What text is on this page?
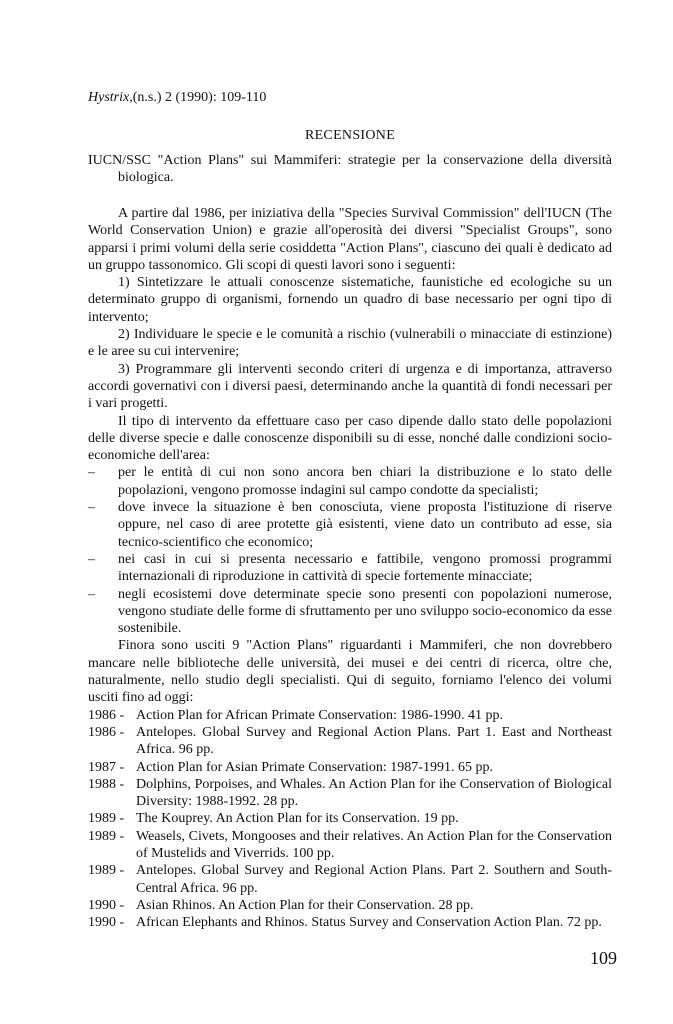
Hystrix,(n.s.) 2 (1990): 109-110
RECENSIONE
IUCN/SSC "Action Plans" sui Mammiferi: strategie per la conservazione della diversità biologica.

A partire dal 1986, per iniziativa della "Species Survival Commission" dell'IUCN (The World Conservation Union) e grazie all'operosità dei diversi "Specialist Groups", sono apparsi i primi volumi della serie cosiddetta "Action Plans", ciascuno dei quali è dedicato ad un gruppo tassonomico. Gli scopi di questi lavori sono i seguenti:

1) Sintetizzare le attuali conoscenze sistematiche, faunistiche ed ecologiche su un determinato gruppo di organismi, fornendo un quadro di base necessario per ogni tipo di intervento;

2) Individuare le specie e le comunità a rischio (vulnerabili o minacciate di estinzione) e le aree su cui intervenire;

3) Programmare gli interventi secondo criteri di urgenza e di importanza, attraverso accordi governativi con i diversi paesi, determinando anche la quantità di fondi necessari per i vari progetti.

Il tipo di intervento da effettuare caso per caso dipende dallo stato delle popolazioni delle diverse specie e dalle conoscenze disponibili su di esse, nonché dalle condizioni socio-economiche dell'area:

–	per le entità di cui non sono ancora ben chiari la distribuzione e lo stato delle popolazioni, vengono promosse indagini sul campo condotte da specialisti;

–	dove invece la situazione è ben conosciuta, viene proposta l'istituzione di riserve oppure, nel caso di aree protette già esistenti, viene dato un contributo ad esse, sia tecnico-scientifico che economico;

–	nei casi in cui si presenta necessario e fattibile, vengono promossi programmi internazionali di riproduzione in cattività di specie fortemente minacciate;

–	negli ecosistemi dove determinate specie sono presenti con popolazioni numerose, vengono studiate delle forme di sfruttamento per uno sviluppo socio-economico da esse sostenibile.

Finora sono usciti 9 "Action Plans" riguardanti i Mammiferi, che non dovrebbero mancare nelle biblioteche delle università, dei musei e dei centri di ricerca, oltre che, naturalmente, nello studio degli specialisti. Qui di seguito, forniamo l'elenco dei volumi usciti fino ad oggi:

1986 - Action Plan for African Primate Conservation: 1986-1990. 41 pp.

1986 - Antelopes. Global Survey and Regional Action Plans. Part 1. East and Northeast Africa. 96 pp.

1987 - Action Plan for Asian Primate Conservation: 1987-1991. 65 pp.

1988 - Dolphins, Porpoises, and Whales. An Action Plan for ihe Conservation of Biological Diversity: 1988-1992. 28 pp.

1989 - The Kouprey. An Action Plan for its Conservation. 19 pp.

1989 - Weasels, Civets, Mongooses and their relatives. An Action Plan for the Conservation of Mustelids and Viverrids. 100 pp.

1989 - Antelopes. Global Survey and Regional Action Plans. Part 2. Southern and South-Central Africa. 96 pp.

1990 - Asian Rhinos. An Action Plan for their Conservation. 28 pp.

1990 - African Elephants and Rhinos. Status Survey and Conservation Action Plan. 72 pp.

109
